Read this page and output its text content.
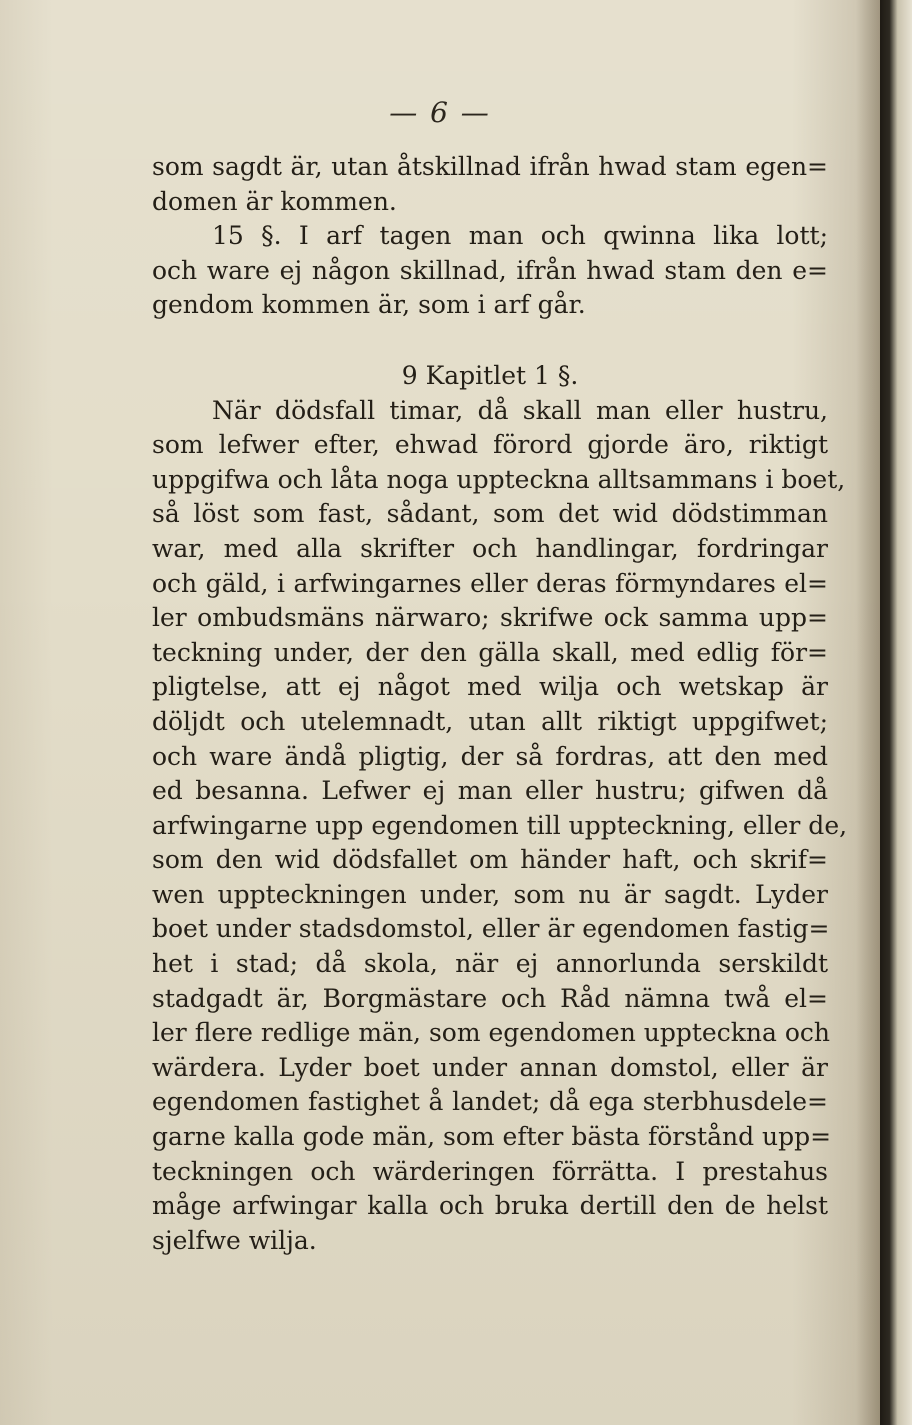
— 6 —
som sagdt är, utan åtskillnad ifrån hwad stam egen=
domen är kommen.
15 §. I arf tagen man och qwinna lika lott;
och ware ej någon skillnad, ifrån hwad stam den e=
gendom kommen är, som i arf går.
9 Kapitlet 1 §.
När dödsfall timar, då skall man eller hustru,
som lefwer efter, ehwad förord gjorde äro, riktigt
uppgifwa och låta noga uppteckna alltsammans i boet,
så löst som fast, sådant, som det wid dödstimman
war, med alla skrifter och handlingar, fordringar
och gäld, i arfwingarnes eller deras förmyndares el=
ler ombudsmäns närwaro; skrifwe ock samma upp=
teckning under, der den gälla skall, med edlig för=
pligtelse, att ej något med wilja och wetskap är
döljdt och utelemnadt, utan allt riktigt uppgifwet;
och ware ändå pligtig, der så fordras, att den med
ed besanna. Lefwer ej man eller hustru; gifwen då
arfwingarne upp egendomen till uppteckning, eller de,
som den wid dödsfallet om händer haft, och skrif=
wen uppteckningen under, som nu är sagdt. Lyder
boet under stadsdomstol, eller är egendomen fastig=
het i stad; då skola, när ej annorlunda serskildt
stadgadt är, Borgmästare och Råd nämna twå el=
ler flere redlige män, som egendomen uppteckna och
wärdera. Lyder boet under annan domstol, eller är
egendomen fastighet å landet; då ega sterbhusdele=
garne kalla gode män, som efter bästa förstånd upp=
teckningen och wärderingen förrätta. I prestahus
måge arfwingar kalla och bruka dertill den de helst
sjelfwe wilja.
